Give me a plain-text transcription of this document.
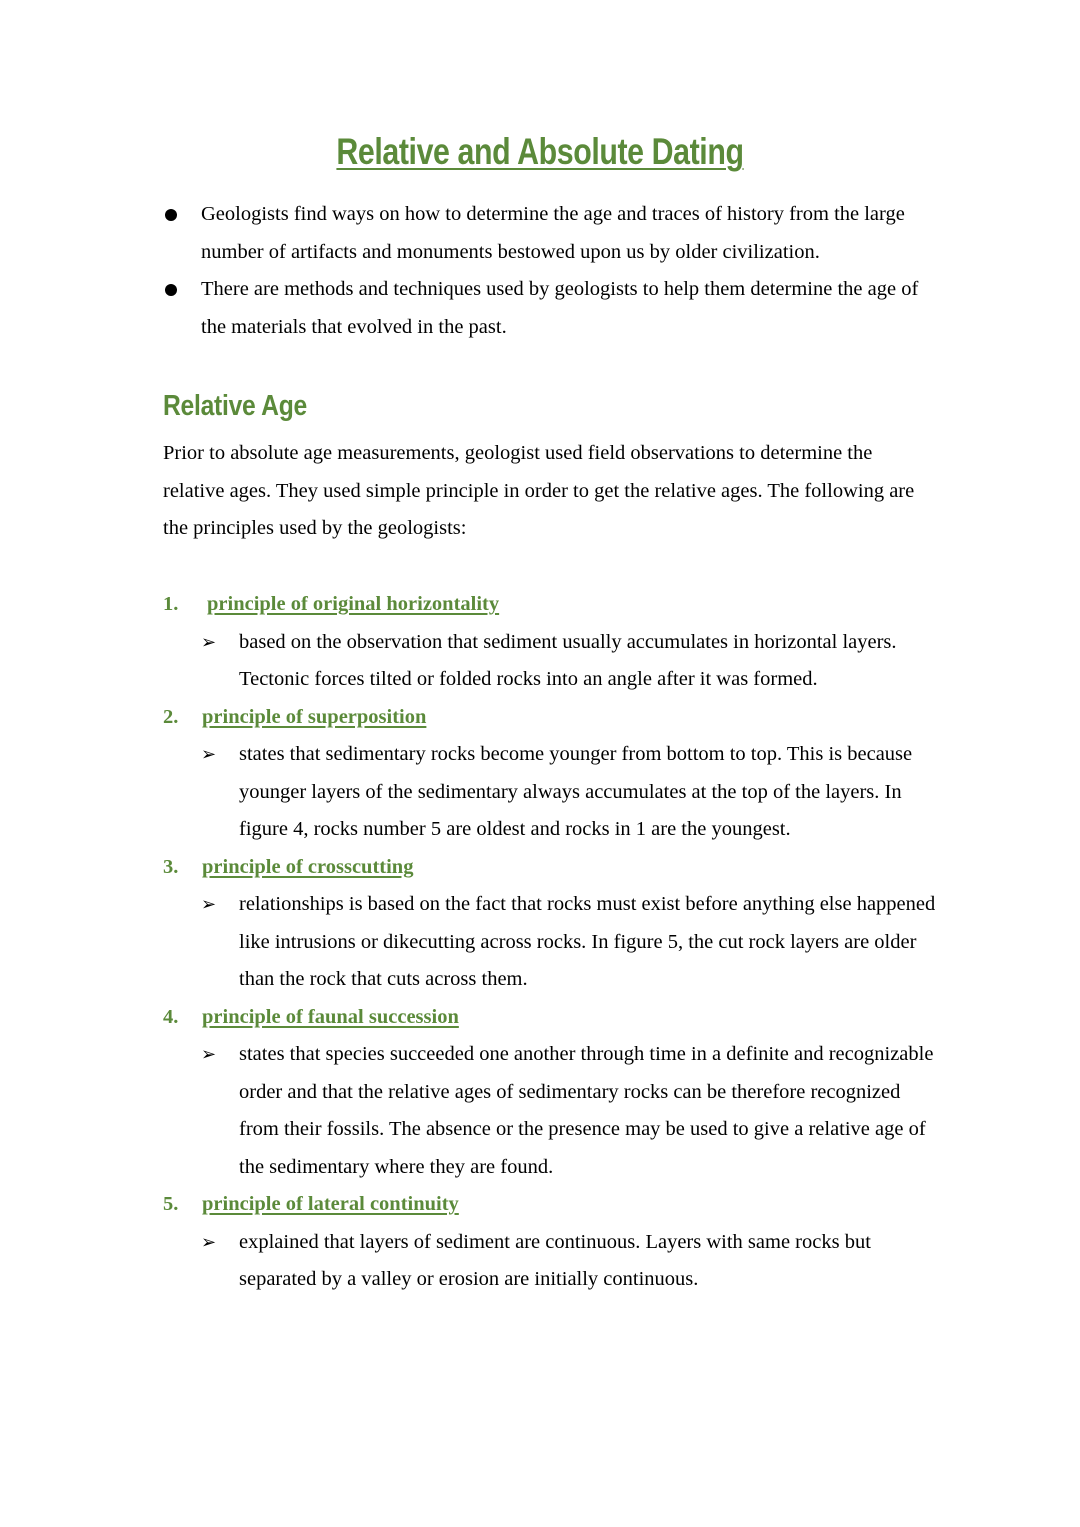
Relative and Absolute Dating
Geologists find ways on how to determine the age and traces of history from the large number of artifacts and monuments bestowed upon us by older civilization.
There are methods and techniques used by geologists to help them determine the age of the materials that evolved in the past.
Relative Age

Prior to absolute age measurements, geologist used field observations to determine the relative ages. They used simple principle in order to get the relative ages. The following are the principles used by the geologists:

1. principle of original horizontality
➢ based on the observation that sediment usually accumulates in horizontal layers. Tectonic forces tilted or folded rocks into an angle after it was formed.
2. principle of superposition
➢ states that sedimentary rocks become younger from bottom to top. This is because younger layers of the sedimentary always accumulates at the top of the layers. In figure 4, rocks number 5 are oldest and rocks in 1 are the youngest.
3. principle of crosscutting
➢ relationships is based on the fact that rocks must exist before anything else happened like intrusions or dikecutting across rocks. In figure 5, the cut rock layers are older than the rock that cuts across them.
4. principle of faunal succession
➢ states that species succeeded one another through time in a definite and recognizable order and that the relative ages of sedimentary rocks can be therefore recognized from their fossils. The absence or the presence may be used to give a relative age of the sedimentary where they are found.
5. principle of lateral continuity
➢ explained that layers of sediment are continuous. Layers with same rocks but separated by a valley or erosion are initially continuous.
